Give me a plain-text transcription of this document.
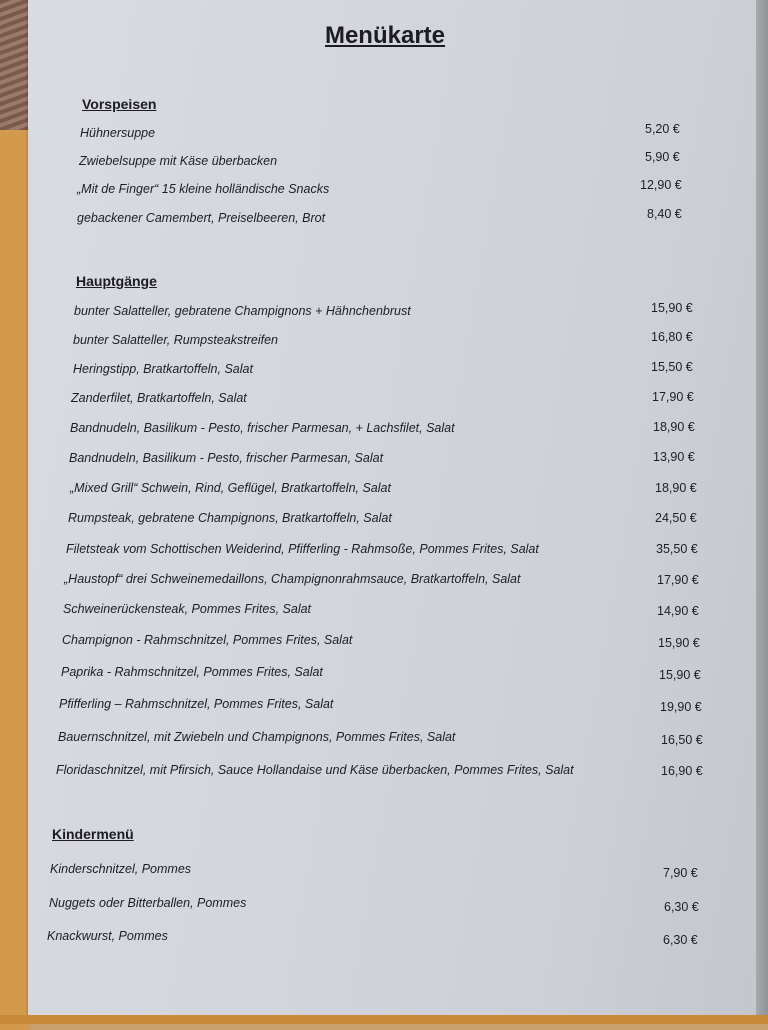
Menükarte
Vorspeisen
Hühnersuppe	5,20 €
Zwiebelsuppe mit Käse überbacken	5,90 €
„Mit de Finger“ 15 kleine holländische Snacks	12,90 €
gebackener Camembert, Preiselbeeren, Brot	8,40 €
Hauptgänge
bunter Salatteller, gebratene Champignons + Hähnchenbrust	15,90 €
bunter Salatteller, Rumpsteakstreifen	16,80 €
Heringstipp, Bratkartoffeln, Salat	15,50 €
Zanderfilet, Bratkartoffeln, Salat	17,90 €
Bandnudeln, Basilikum - Pesto, frischer Parmesan, + Lachsfilet, Salat	18,90 €
Bandnudeln, Basilikum - Pesto, frischer Parmesan, Salat	13,90 €
„Mixed Grill“ Schwein, Rind, Geflügel, Bratkartoffeln, Salat	18,90 €
Rumpsteak, gebratene Champignons, Bratkartoffeln, Salat	24,50 €
Filetsteak vom Schottischen Weiderind, Pfifferling - Rahmsoße, Pommes Frites, Salat	35,50 €
„Haustopf“ drei Schweinemedaillons, Champignonrahmsauce, Bratkartoffeln, Salat	17,90 €
Schweinerückensteak, Pommes Frites, Salat	14,90 €
Champignon - Rahmschnitzel, Pommes Frites, Salat	15,90 €
Paprika - Rahmschnitzel, Pommes Frites, Salat	15,90 €
Pfifferling – Rahmschnitzel, Pommes Frites, Salat	19,90 €
Bauernschnitzel, mit Zwiebeln und Champignons, Pommes Frites, Salat	16,50 €
Floridaschnitzel, mit Pfirsich, Sauce Hollandaise und Käse überbacken, Pommes Frites, Salat	16,90 €
Kindermenü
Kinderschnitzel, Pommes	7,90 €
Nuggets oder Bitterballen, Pommes	6,30 €
Knackwurst, Pommes	6,30 €
